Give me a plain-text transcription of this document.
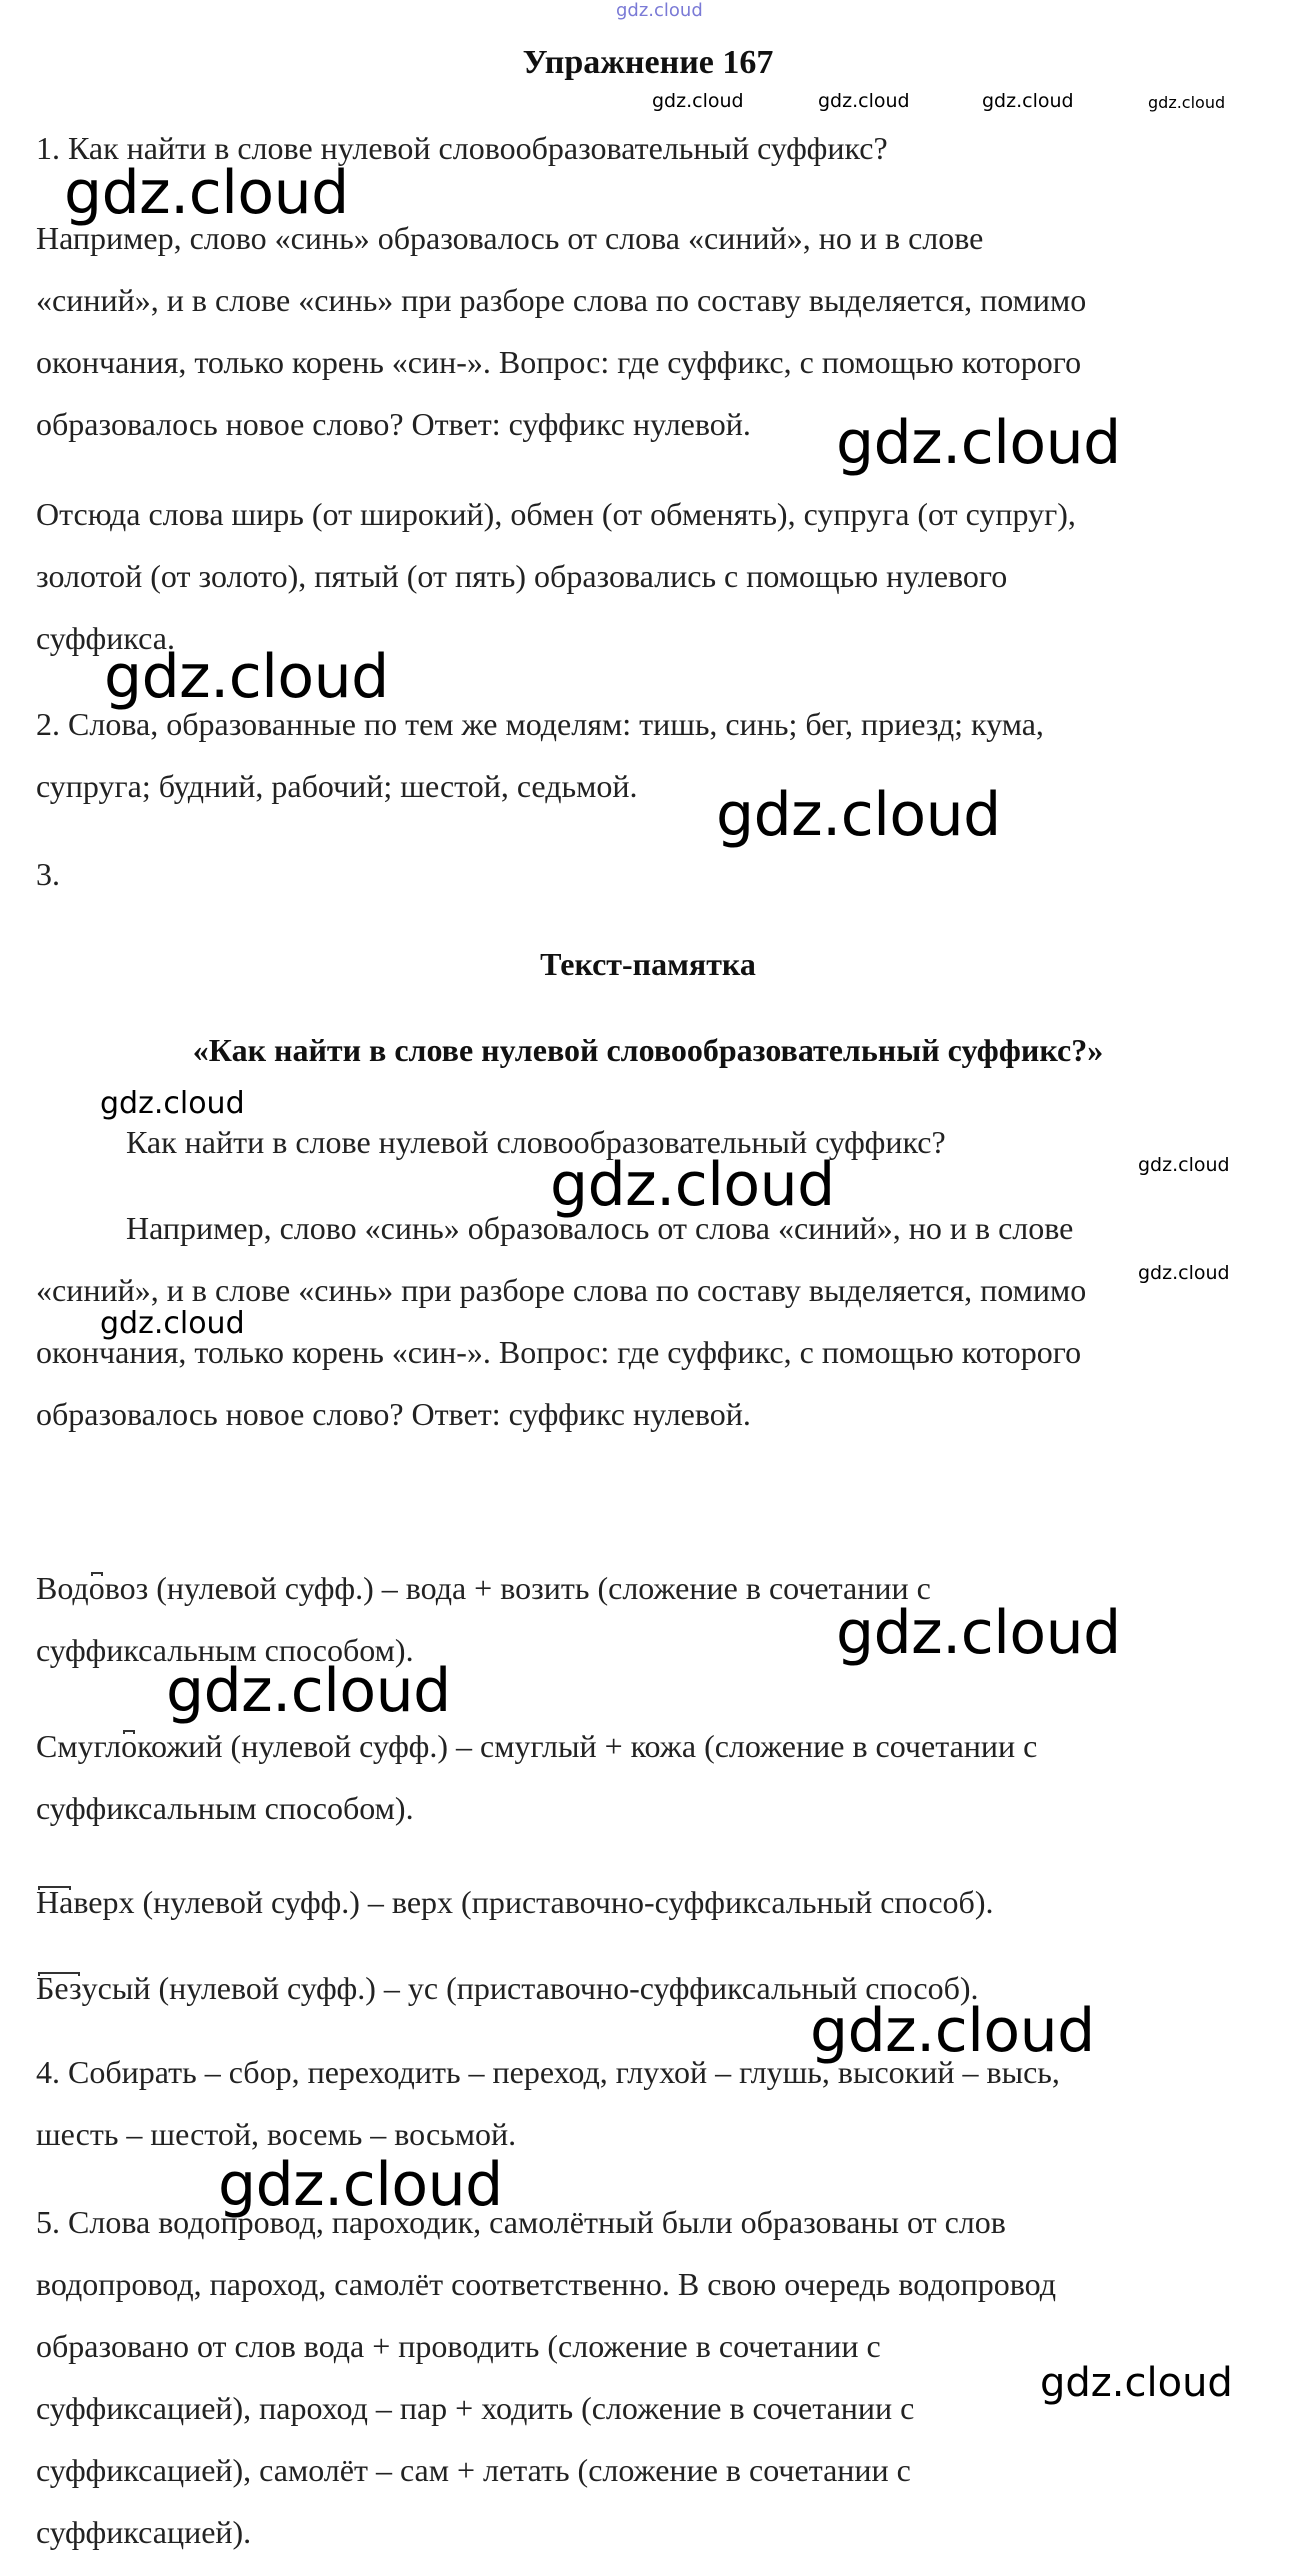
gdz.cloud
Упражнение 167
gdz.cloud	gdz.cloud	gdz.cloud	gdz.cloud
1. Как найти в слове нулевой словообразовательный суффикс?
gdz.cloud
Например, слово «синь» образовалось от слова «синий», но и в слове
«синий», и в слове «синь» при разборе слова по составу выделяется, помимо
окончания, только корень «син-». Вопрос: где суффикс, с помощью которого
образовалось новое слово? Ответ: суффикс нулевой. gdz.cloud
Отсюда слова ширь (от широкий), обмен (от обменять), супруга (от супруг),
золотой (от золото), пятый (от пять) образовались с помощью нулевого
суффикса.
gdz.cloud
2. Слова, образованные по тем же моделям: тишь, синь; бег, приезд; кума,
супруга; будний, рабочий; шестой, седьмой. gdz.cloud
3.
Текст-памятка
«Как найти в слове нулевой словообразовательный суффикс?»
gdz.cloud
Как найти в слове нулевой словообразовательный суффикс?
gdz.cloud
gdz.cloud
Например, слово «синь» образовалось от слова «синий», но и в слове
gdz.cloud
«синий», и в слове «синь» при разборе слова по составу выделяется, помимо
gdz.cloud
окончания, только корень «син-». Вопрос: где суффикс, с помощью которого
образовалось новое слово? Ответ: суффикс нулевой.
Водовоз (нулевой суфф.) – вода + возить (сложение в сочетании с
gdz.cloud
суффиксальным способом).
gdz.cloud
Смуглокожий (нулевой суфф.) – смуглый + кожа (сложение в сочетании с
суффиксальным способом).
Наверх (нулевой суфф.) – верх (приставочно-суффиксальный способ).
Безусый (нулевой суфф.) – ус (приставочно-суффиксальный способ).
gdz.cloud
4. Собирать – сбор, переходить – переход, глухой – глушь, высокий – высь,
шесть – шестой, восемь – восьмой.
gdz.cloud
5. Слова водопровод, пароходик, самолётный были образованы от слов
водопровод, пароход, самолёт соответственно. В свою очередь водопровод
образовано от слов вода + проводить (сложение в сочетании с
gdz.cloud
суффиксацией), пароход – пар + ходить (сложение в сочетании с
суффиксацией), самолёт – сам + летать (сложение в сочетании с
суффиксацией).
